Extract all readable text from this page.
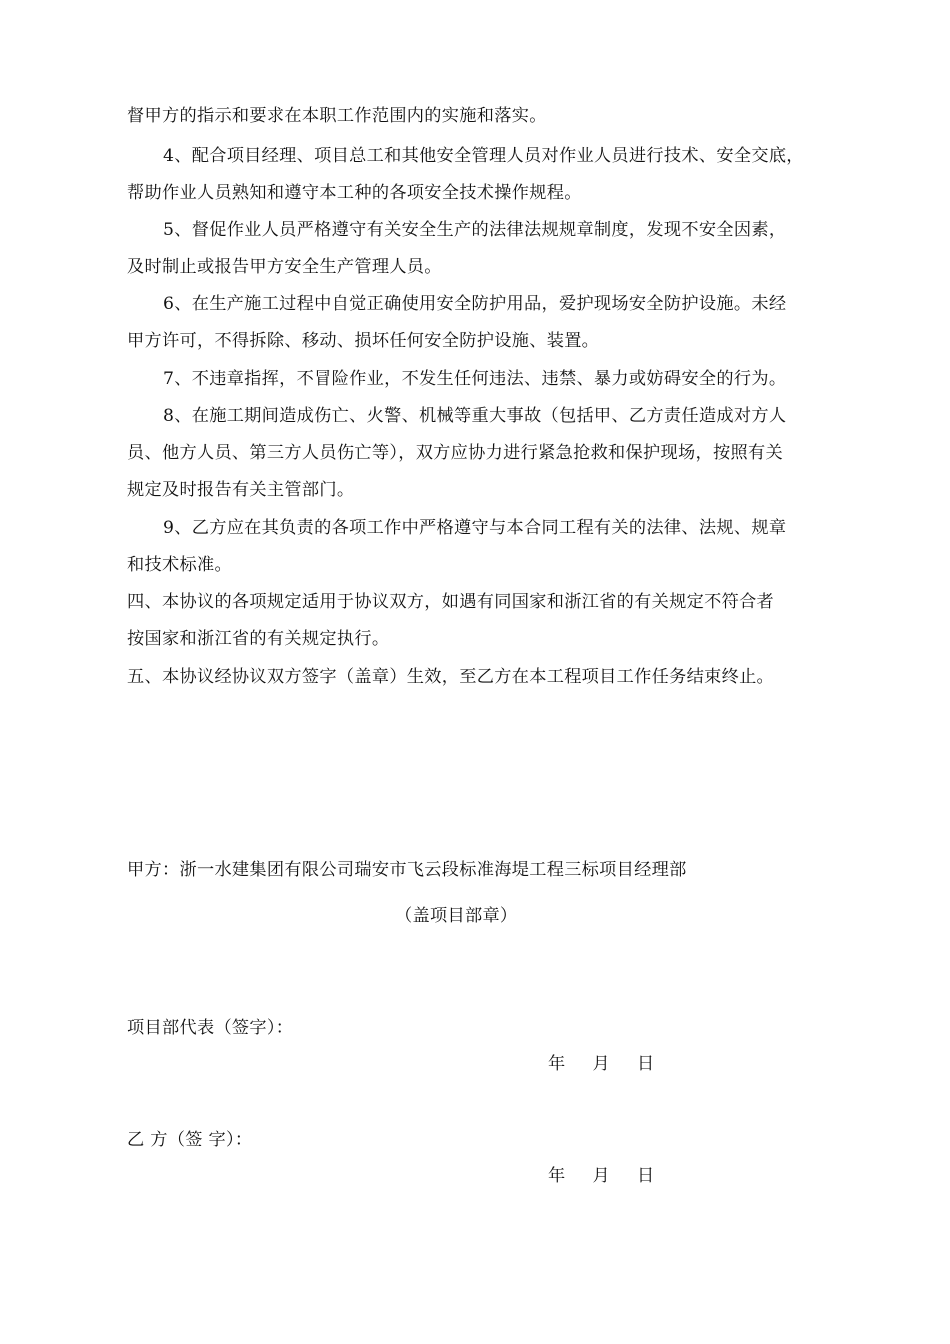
督甲方的指示和要求在本职工作范围内的实施和落实。
4、配合项目经理、项目总工和其他安全管理人员对作业人员进行技术、安全交底，
帮助作业人员熟知和遵守本工种的各项安全技术操作规程。
5、督促作业人员严格遵守有关安全生产的法律法规规章制度，发现不安全因素，
及时制止或报告甲方安全生产管理人员。
6、在生产施工过程中自觉正确使用安全防护用品，爱护现场安全防护设施。未经
甲方许可，不得拆除、移动、损坏任何安全防护设施、装置。
7、不违章指挥，不冒险作业，不发生任何违法、违禁、暴力或妨碍安全的行为。
8、在施工期间造成伤亡、火警、机械等重大事故（包括甲、乙方责任造成对方人
员、他方人员、第三方人员伤亡等），双方应协力进行紧急抢救和保护现场，按照有关
规定及时报告有关主管部门。
9、乙方应在其负责的各项工作中严格遵守与本合同工程有关的法律、法规、规章
和技术标准。
四、本协议的各项规定适用于协议双方，如遇有同国家和浙江省的有关规定不符合者
按国家和浙江省的有关规定执行。
五、本协议经协议双方签字（盖章）生效，至乙方在本工程项目工作任务结束终止。
甲方：浙一水建集团有限公司瑞安市飞云段标准海堤工程三标项目经理部
（盖项目部章）
项目部代表（签字）：
年     月     日
乙 方（签 字）：
年     月     日
